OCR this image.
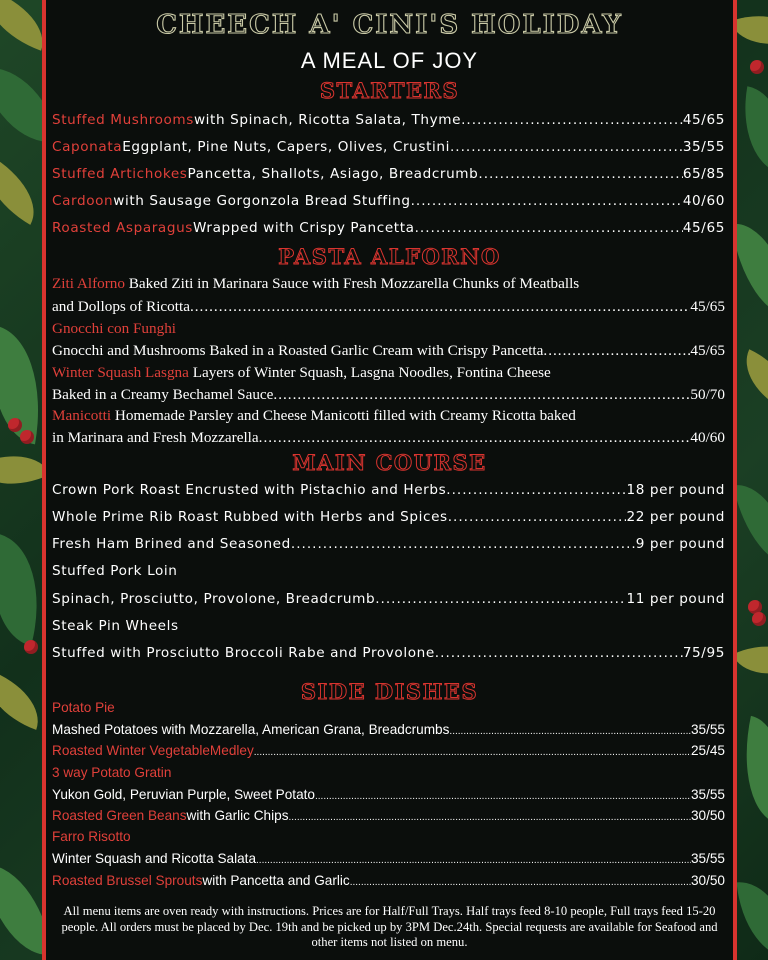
CHEECH A' CINI'S HOLIDAY
A MEAL OF JOY
STARTERS
Stuffed Mushrooms with Spinach, Ricotta Salata, Thyme .....	45/65
Caponata Eggplant, Pine Nuts, Capers, Olives, Crustini .....	35/55
Stuffed Artichokes Pancetta, Shallots, Asiago, Breadcrumb .....	65/85
Cardoon with Sausage Gorgonzola Bread Stuffing .....	40/60
Roasted Asparagus Wrapped with Crispy Pancetta .....	45/65
PASTA ALFORNO
Ziti Alforno Baked Ziti in Marinara Sauce with Fresh Mozzarella Chunks of Meatballs
and Dollops of Ricotta .....	45/65
Gnocchi con Funghi
Gnocchi and Mushrooms Baked in a Roasted Garlic Cream with Crispy Pancetta .....	45/65
Winter Squash Lasgna Layers of Winter Squash, Lasgna Noodles, Fontina Cheese
Baked in a Creamy Bechamel Sauce .....	50/70
Manicotti Homemade Parsley and Cheese Manicotti filled with Creamy Ricotta baked
in Marinara and Fresh Mozzarella .....	40/60
MAIN COURSE
Crown Pork Roast Encrusted with Pistachio and Herbs .....	18 per pound
Whole Prime Rib Roast Rubbed with Herbs and Spices .....	22 per pound
Fresh Ham Brined and Seasoned .....	9 per pound
Stuffed Pork Loin
Spinach, Prosciutto, Provolone, Breadcrumb .....	11 per pound
Steak Pin Wheels
Stuffed with Prosciutto Broccoli Rabe and Provolone .....	75/95
SIDE DISHES
Potato Pie
Mashed Potatoes with Mozzarella, American Grana, Breadcrumbs .....	35/55
Roasted Winter VegetableMedley .....	25/45
3 way Potato Gratin
Yukon Gold, Peruvian Purple, Sweet Potato .....	35/55
Roasted Green Beans with Garlic Chips .....	30/50
Farro Risotto
Winter Squash and Ricotta Salata .....	35/55
Roasted Brussel Sprouts with Pancetta and Garlic .....	30/50
All menu items are oven ready with instructions. Prices are for Half/Full Trays. Half trays feed 8-10 people, Full trays feed 15-20 people. All orders must be placed by Dec. 19th and be picked up by 3PM Dec.24th. Special requests are available for Seafood and other items not listed on menu.
